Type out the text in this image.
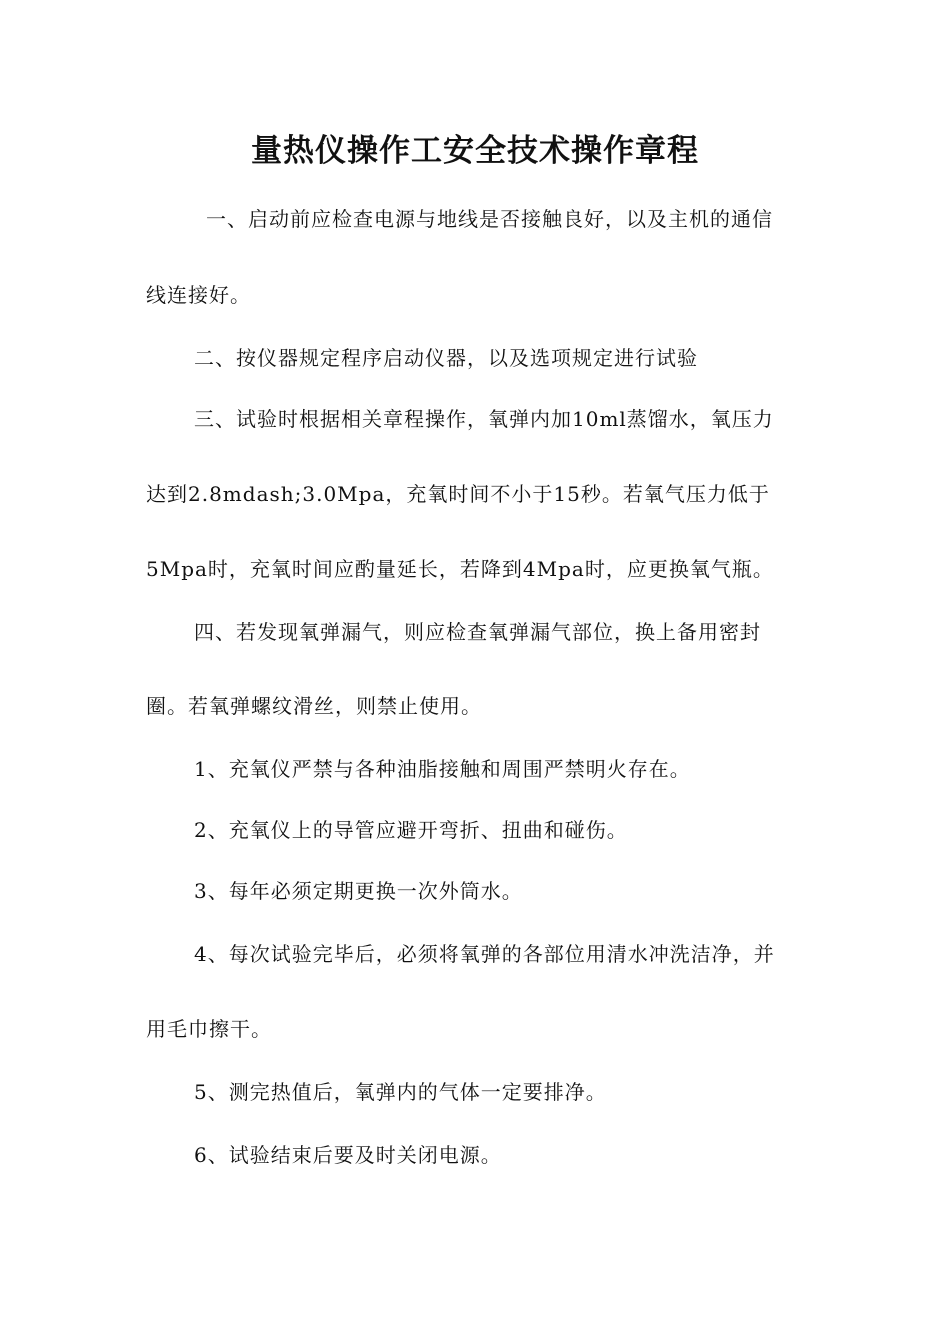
量热仪操作工安全技术操作章程
一、启动前应检查电源与地线是否接触良好，以及主机的通信
线连接好。
二、按仪器规定程序启动仪器，以及选项规定进行试验
三、试验时根据相关章程操作，氧弹内加10ml蒸馏水，氧压力
达到2.8mdash;3.0Mpa，充氧时间不小于15秒。若氧气压力低于
5Mpa时，充氧时间应酌量延长，若降到4Mpa时，应更换氧气瓶。
四、若发现氧弹漏气，则应检查氧弹漏气部位，换上备用密封
圈。若氧弹螺纹滑丝，则禁止使用。
1、充氧仪严禁与各种油脂接触和周围严禁明火存在。
2、充氧仪上的导管应避开弯折、扭曲和碰伤。
3、每年必须定期更换一次外筒水。
4、每次试验完毕后，必须将氧弹的各部位用清水冲洗洁净，并
用毛巾擦干。
5、测完热值后，氧弹内的气体一定要排净。
6、试验结束后要及时关闭电源。
